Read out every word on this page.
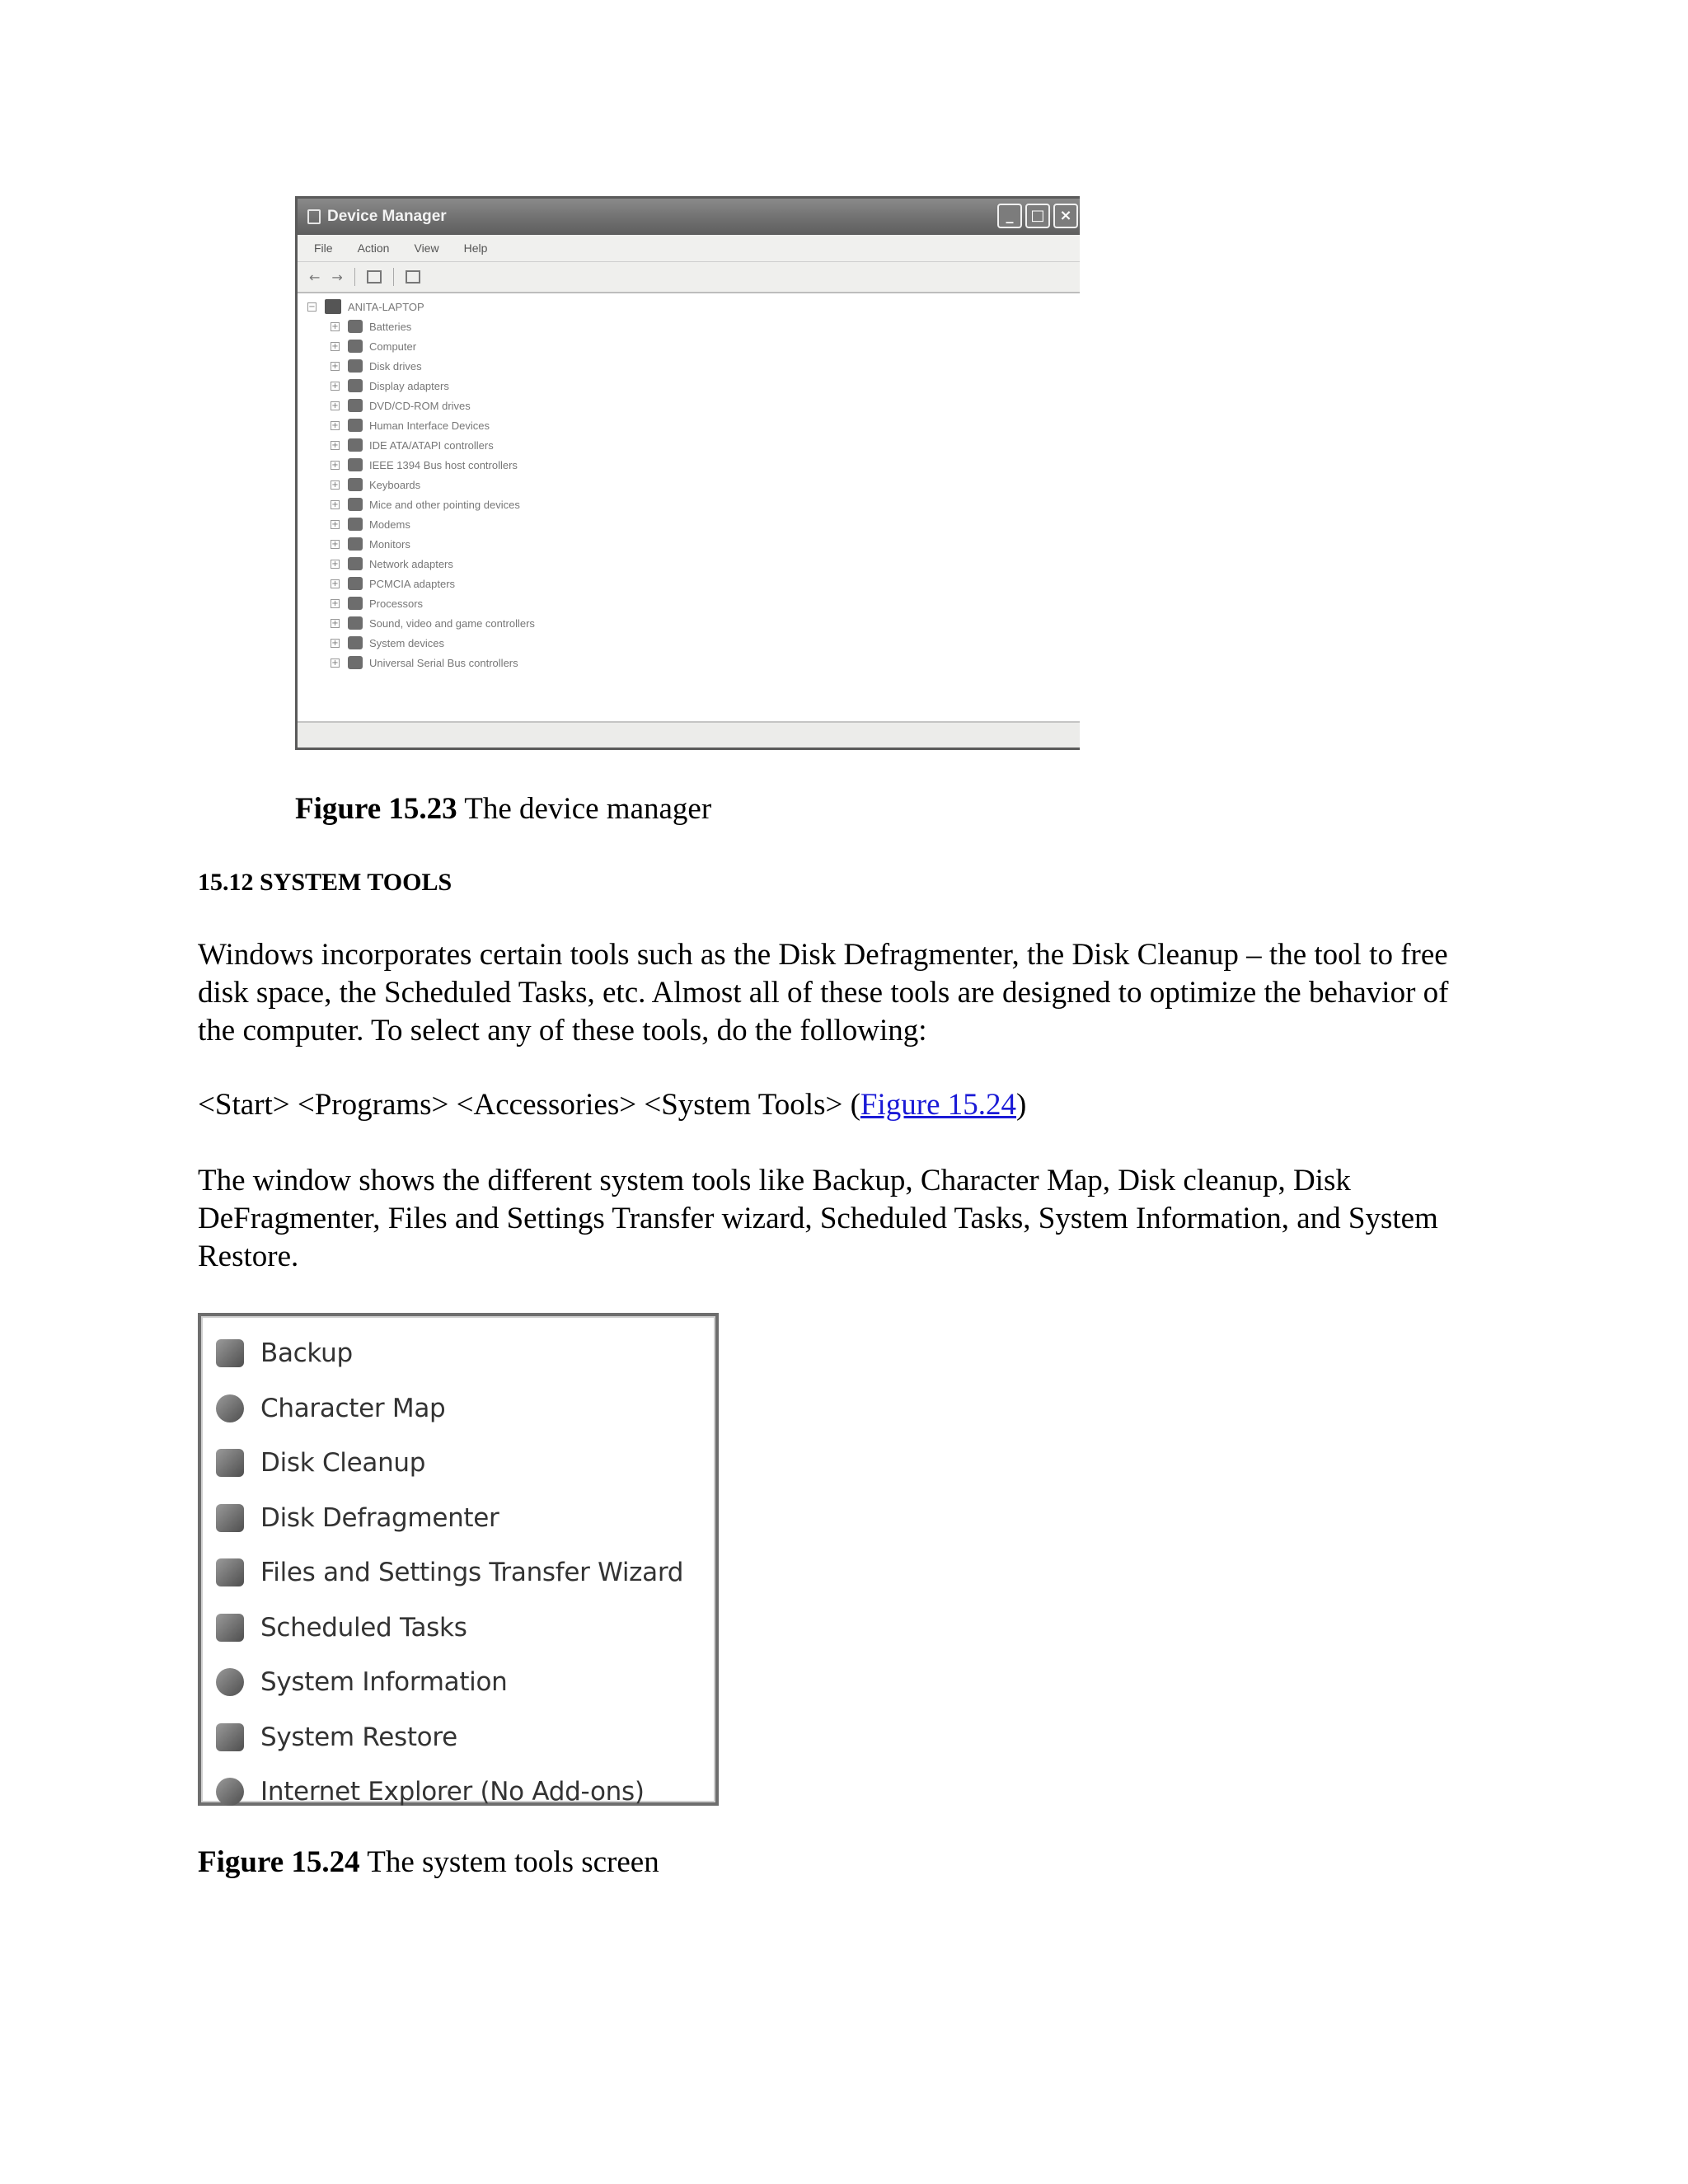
Device Manager	_	□ ×
File Action View Help
← →
−	ANITA-LAPTOP
+	Batteries
+	Computer
+	Disk drives
+	Display adapters
+	DVD/CD-ROM drives
+	Human Interface Devices
+	IDE ATA/ATAPI controllers
+	IEEE 1394 Bus host controllers
+	Keyboards
+	Mice and other pointing devices
+	Modems
+	Monitors
+	Network adapters
+	PCMCIA adapters
+	Processors
+	Sound, video and game controllers
+	System devices
+	Universal Serial Bus controllers
Figure 15.23 The device manager
15.12 SYSTEM TOOLS

Windows incorporates certain tools such as the Disk Defragmenter, the Disk Cleanup – the tool to free disk space, the Scheduled Tasks, etc. Almost all of these tools are designed to optimize the behavior of the computer. To select any of these tools, do the following:

<Start> <Programs> <Accessories> <System Tools> (Figure 15.24)

The window shows the different system tools like Backup, Character Map, Disk cleanup, Disk DeFragmenter, Files and Settings Transfer wizard, Scheduled Tasks, System Information, and System Restore.

Backup
Character Map
Disk Cleanup
Disk Defragmenter
Files and Settings Transfer Wizard
Scheduled Tasks
System Information
System Restore
Internet Explorer (No Add-ons)
Figure 15.24 The system tools screen
